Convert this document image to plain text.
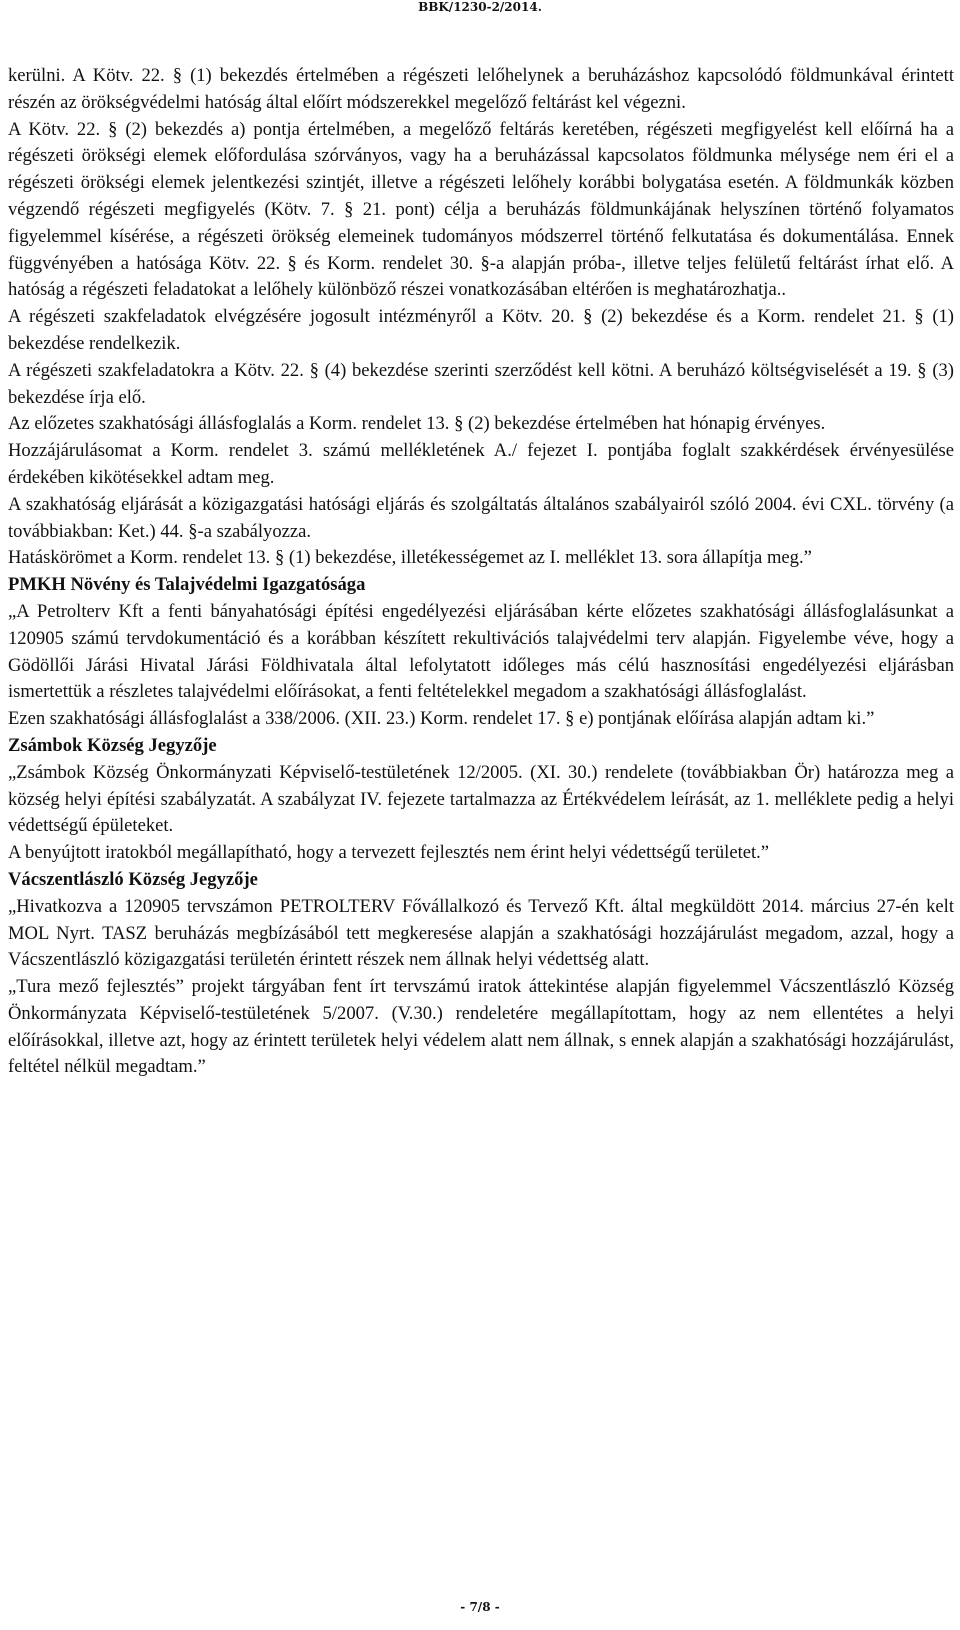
BBK/1230-2/2014.

kerülni. A Kötv. 22. § (1) bekezdés értelmében a régészeti lelőhelynek a beruházáshoz kapcsolódó földmunkával érintett részén az örökségvédelmi hatóság által előírt módszerekkel megelőző feltárást kel végezni.

A Kötv. 22. § (2) bekezdés a) pontja értelmében, a megelőző feltárás keretében, régészeti megfigyelést kell előírná ha a régészeti örökségi elemek előfordulása szórványos, vagy ha a beruházással kapcsolatos földmunka mélysége nem éri el a régészeti örökségi elemek jelentkezési szintjét, illetve a régészeti lelőhely korábbi bolygatása esetén. A földmunkák közben végzendő régészeti megfigyelés (Kötv. 7. § 21. pont) célja a beruházás földmunkájának helyszínen történő folyamatos figyelemmel kísérése, a régészeti örökség elemeinek tudományos módszerrel történő felkutatása és dokumentálása. Ennek függvényében a hatósága Kötv. 22. § és Korm. rendelet 30. §-a alapján próba-, illetve teljes felületű feltárást írhat elő. A hatóság a régészeti feladatokat a lelőhely különböző részei vonatkozásában eltérően is meghatározhatja..

A régészeti szakfeladatok elvégzésére jogosult intézményről a Kötv. 20. § (2) bekezdése és a Korm. rendelet 21. § (1) bekezdése rendelkezik.

A régészeti szakfeladatokra a Kötv. 22. § (4) bekezdése szerinti szerződést kell kötni. A beruházó költségviselését a 19. § (3) bekezdése írja elő.

Az előzetes szakhatósági állásfoglalás a Korm. rendelet 13. § (2) bekezdése értelmében hat hónapig érvényes.

Hozzájárulásomat a Korm. rendelet 3. számú mellékletének A./ fejezet I. pontjába foglalt szakkérdések érvényesülése érdekében kikötésekkel adtam meg.

A szakhatóság eljárását a közigazgatási hatósági eljárás és szolgáltatás általános szabályairól szóló 2004. évi CXL. törvény (a továbbiakban: Ket.) 44. §-a szabályozza.

Hatáskörömet a Korm. rendelet 13. § (1) bekezdése, illetékességemet az I. melléklet 13. sora állapítja meg.”

PMKH Növény és Talajvédelmi Igazgatósága

„A Petrolterv Kft a fenti bányahatósági építési engedélyezési eljárásában kérte előzetes szakhatósági állásfoglalásunkat a 120905 számú tervdokumentáció és a korábban készített rekultivációs talajvédelmi terv alapján. Figyelembe véve, hogy a Gödöllői Járási Hivatal Járási Földhivatala által lefolytatott időleges más célú hasznosítási engedélyezési eljárásban ismertettük a részletes talajvédelmi előírásokat, a fenti feltételekkel megadom a szakhatósági állásfoglalást.

Ezen szakhatósági állásfoglalást a 338/2006. (XII. 23.) Korm. rendelet 17. § e) pontjának előírása alapján adtam ki.”

Zsámbok Község Jegyzője

„Zsámbok Község Önkormányzati Képviselő-testületének 12/2005. (XI. 30.) rendelete (továbbiakban Ör) határozza meg a község helyi építési szabályzatát. A szabályzat IV. fejezete tartalmazza az Értékvédelem leírását, az 1. melléklete pedig a helyi védettségű épületeket.

A benyújtott iratokból megállapítható, hogy a tervezett fejlesztés nem érint helyi védettségű területet.”

Vácszentlászló Község Jegyzője

„Hivatkozva a 120905 tervszámon PETROLTERV Fővállalkozó és Tervező Kft. által megküldött 2014. március 27-én kelt MOL Nyrt. TASZ beruházás megbízásából tett megkeresése alapján a szakhatósági hozzájárulást megadom, azzal, hogy a Vácszentlászló közigazgatási területén érintett részek nem állnak helyi védettség alatt.

„Tura mező fejlesztés” projekt tárgyában fent írt tervszámú iratok áttekintése alapján figyelemmel Vácszentlászló Község Önkormányzata Képviselő-testületének 5/2007. (V.30.) rendeletére megállapítottam, hogy az nem ellentétes a helyi előírásokkal, illetve azt, hogy az érintett területek helyi védelem alatt nem állnak, s ennek alapján a szakhatósági hozzájárulást, feltétel nélkül megadtam.”

- 7/8 -
